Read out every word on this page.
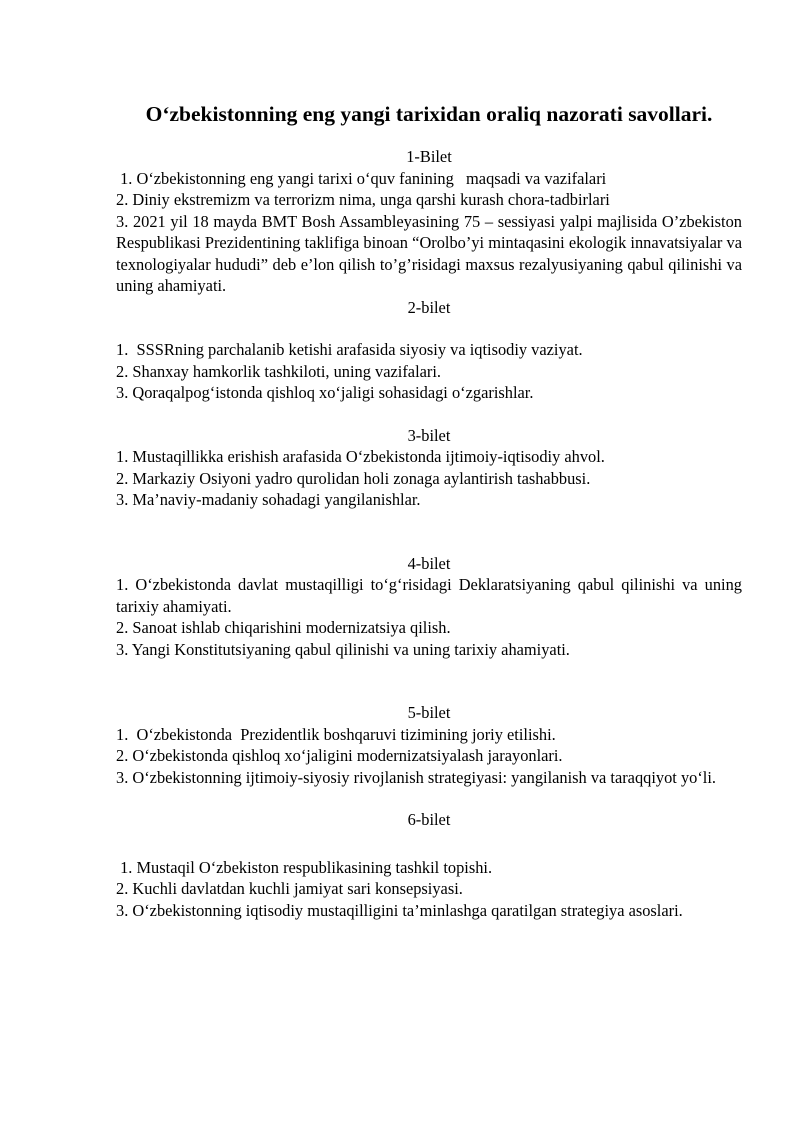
O‘zbekistonning eng yangi tarixidan oraliq nazorati savollari.
1-Bilet
1. O‘zbekistonning eng yangi tarixi o‘quv fanining   maqsadi va vazifalari
2. Diniy ekstremizm va terrorizm nima, unga qarshi kurash chora-tadbirlari
3. 2021 yil 18 mayda BMT Bosh Assambleyasining 75 – sessiyasi yalpi majlisida O’zbekiston Respublikasi Prezidentining taklifiga binoan “Orolbo’yi mintaqasini ekologik innavatsiyalar va texnologiyalar hududi” deb e’lon qilish to’g’risidagi maxsus rezalyusiyaning qabul qilinishi va uning ahamiyati.
2-bilet
1.  SSSRning parchalanib ketishi arafasida siyosiy va iqtisodiy vaziyat.
2. Shanxay hamkorlik tashkiloti, uning vazifalari.
3. Qoraqalpog‘istonda qishloq xo‘jaligi sohasidagi o‘zgarishlar.
3-bilet
1. Mustaqillikka erishish arafasida O‘zbekistonda ijtimoiy-iqtisodiy ahvol.
2. Markaziy Osiyoni yadro qurolidan holi zonaga aylantirish tashabbusi.
3. Ma’naviy-madaniy sohadagi yangilanishlar.
4-bilet
1. O‘zbekistonda davlat mustaqilligi to‘g‘risidagi Deklaratsiyaning qabul qilinishi va uning tarixiy ahamiyati.
2. Sanoat ishlab chiqarishini modernizatsiya qilish.
3. Yangi Konstitutsiyaning qabul qilinishi va uning tarixiy ahamiyati.
5-bilet
1.  O‘zbekistonda  Prezidentlik boshqaruvi tizimining joriy etilishi.
2. O‘zbekistonda qishloq xo‘jaligini modernizatsiyalash jarayonlari.
3. O‘zbekistonning ijtimoiy-siyosiy rivojlanish strategiyasi: yangilanish va taraqqiyot yo‘li.
6-bilet
1. Mustaqil O‘zbekiston respublikasining tashkil topishi.
2. Kuchli davlatdan kuchli jamiyat sari konsepsiyasi.
3. O‘zbekistonning iqtisodiy mustaqilligini ta’minlashga qaratilgan strategiya asoslari.
